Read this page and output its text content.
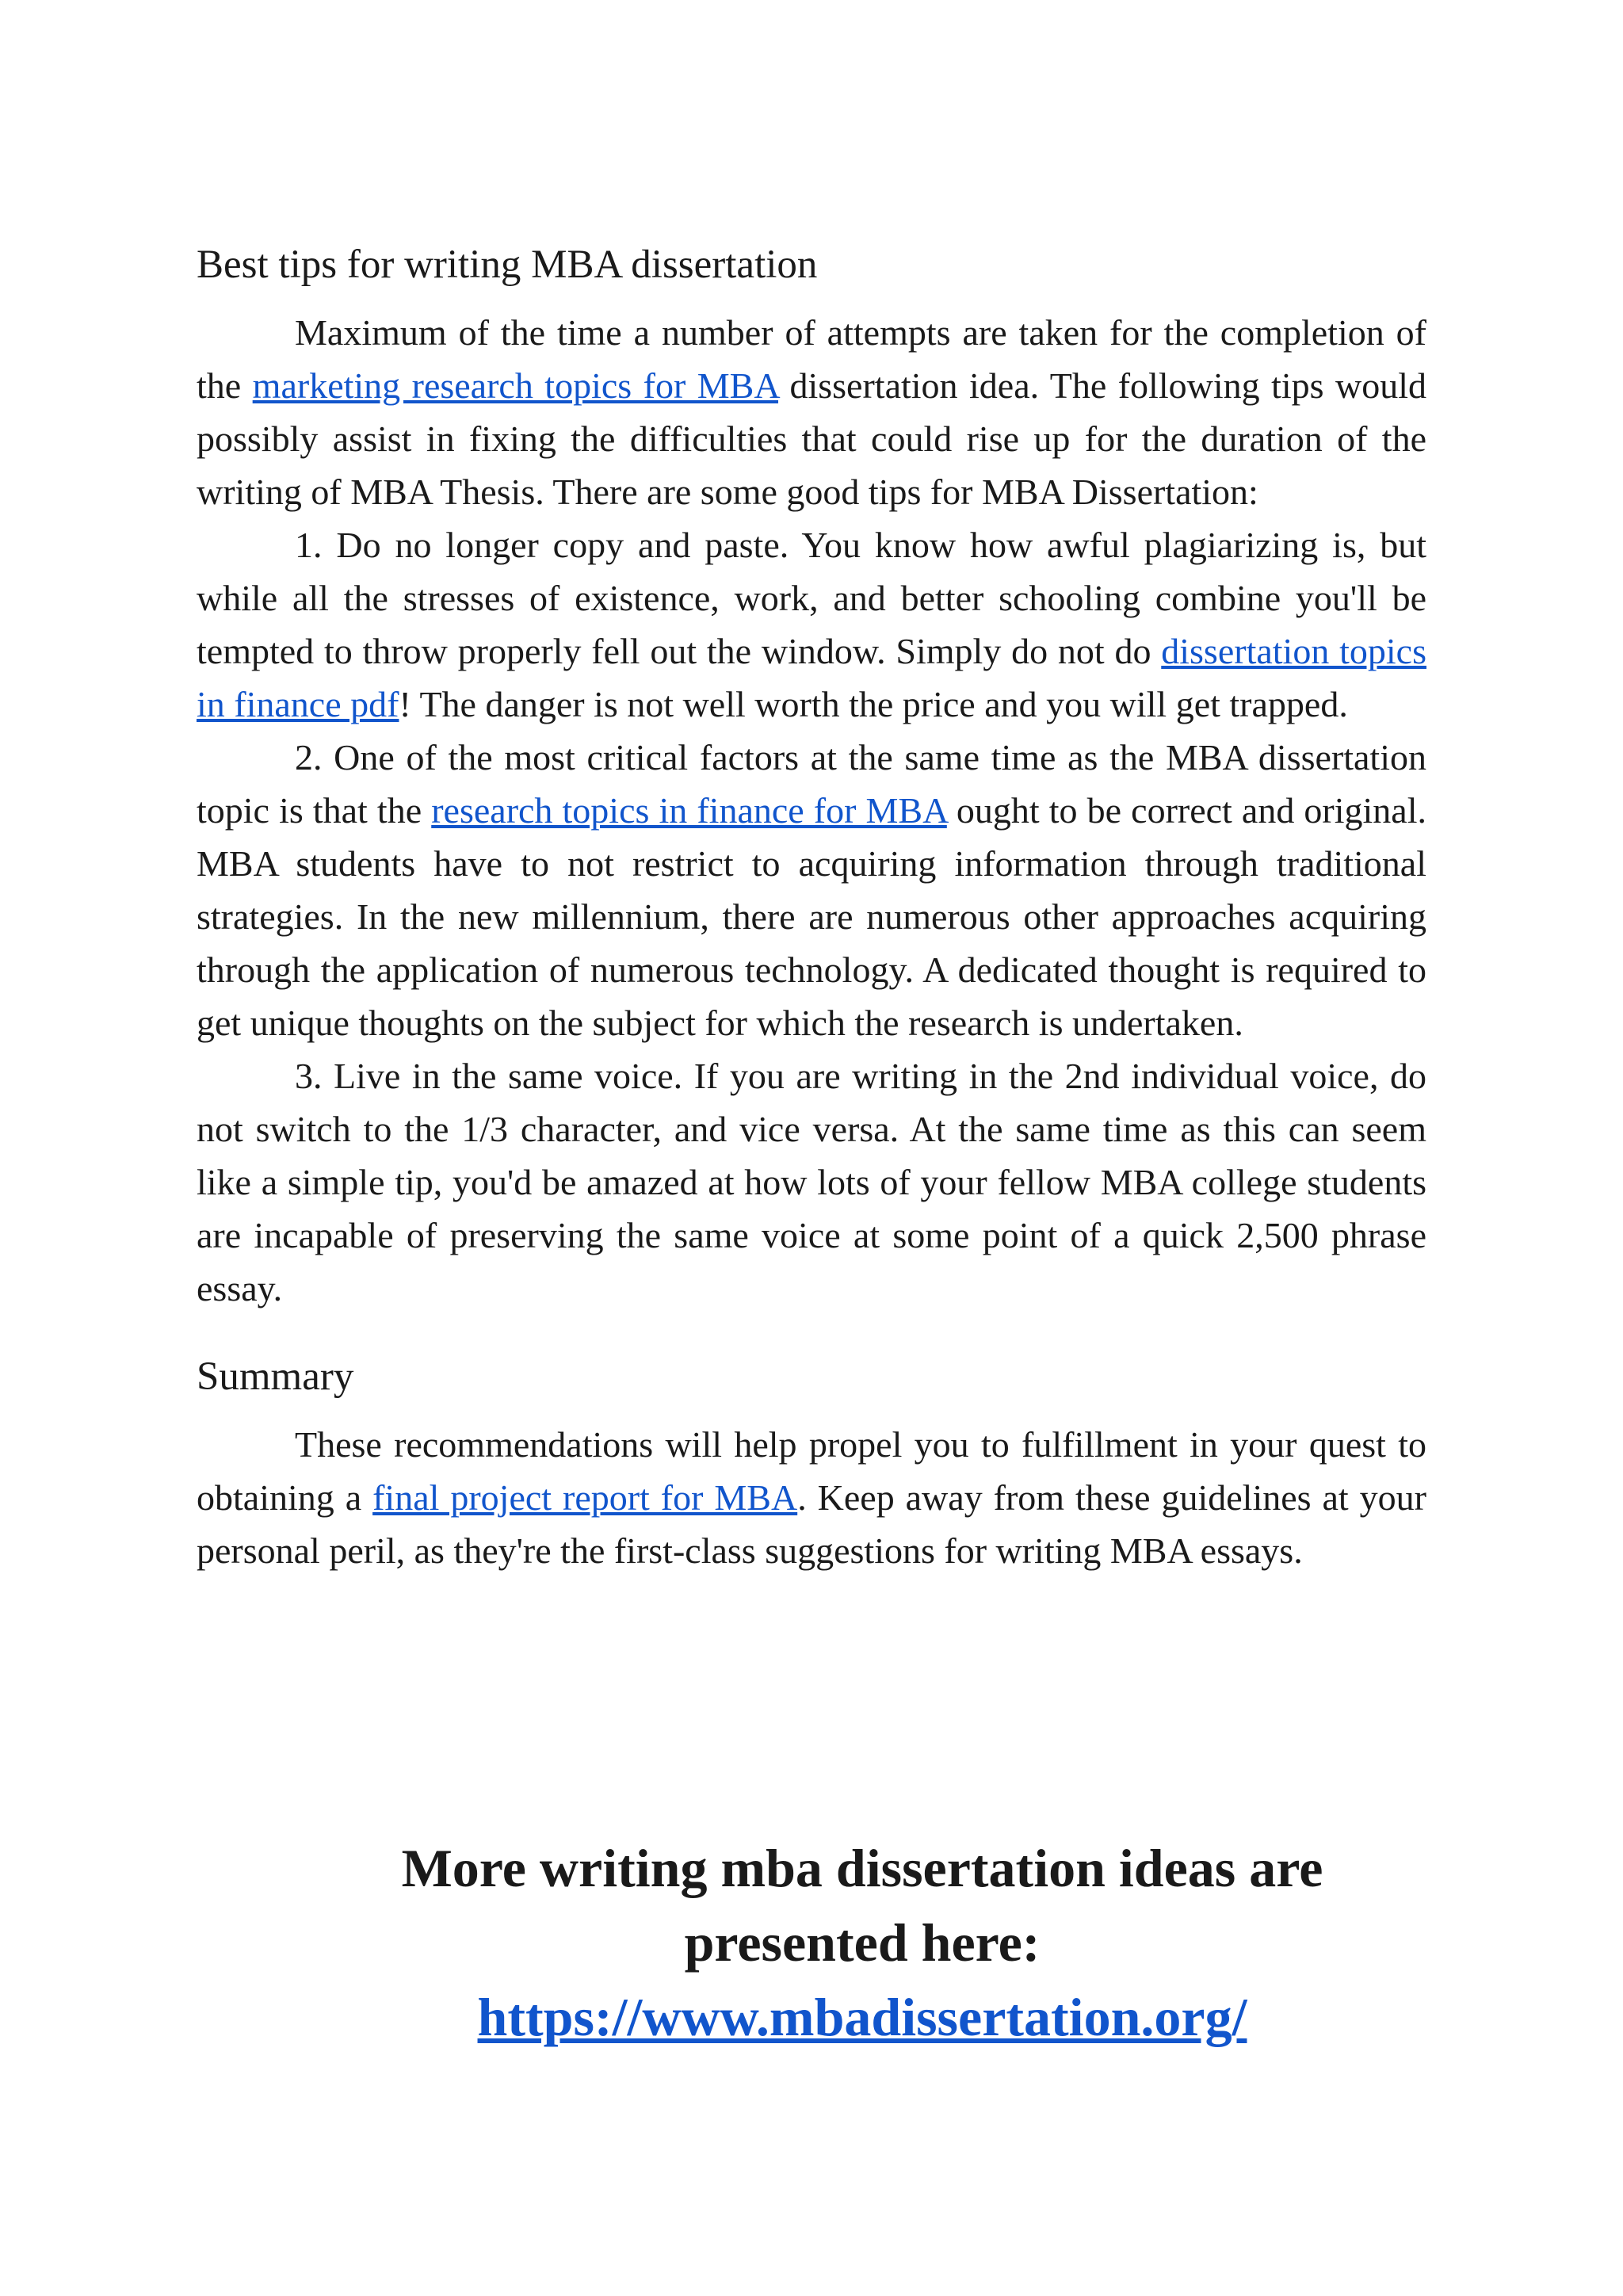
Best tips for writing MBA dissertation

Maximum of the time a number of attempts are taken for the completion of the marketing research topics for MBA dissertation idea. The following tips would possibly assist in fixing the difficulties that could rise up for the duration of the writing of MBA Thesis. There are some good tips for MBA Dissertation:

1. Do no longer copy and paste. You know how awful plagiarizing is, but while all the stresses of existence, work, and better schooling combine you'll be tempted to throw properly fell out the window. Simply do not do dissertation topics in finance pdf! The danger is not well worth the price and you will get trapped.

2. One of the most critical factors at the same time as the MBA dissertation topic is that the research topics in finance for MBA ought to be correct and original. MBA students have to not restrict to acquiring information through traditional strategies. In the new millennium, there are numerous other approaches acquiring through the application of numerous technology. A dedicated thought is required to get unique thoughts on the subject for which the research is undertaken.

3. Live in the same voice. If you are writing in the 2nd individual voice, do not switch to the 1/3 character, and vice versa. At the same time as this can seem like a simple tip, you'd be amazed at how lots of your fellow MBA college students are incapable of preserving the same voice at some point of a quick 2,500 phrase essay.

Summary

These recommendations will help propel you to fulfillment in your quest to obtaining a final project report for MBA. Keep away from these guidelines at your personal peril, as they're the first-class suggestions for writing MBA essays.

More writing mba dissertation ideas are
presented here:
https://www.mbadissertation.org/
